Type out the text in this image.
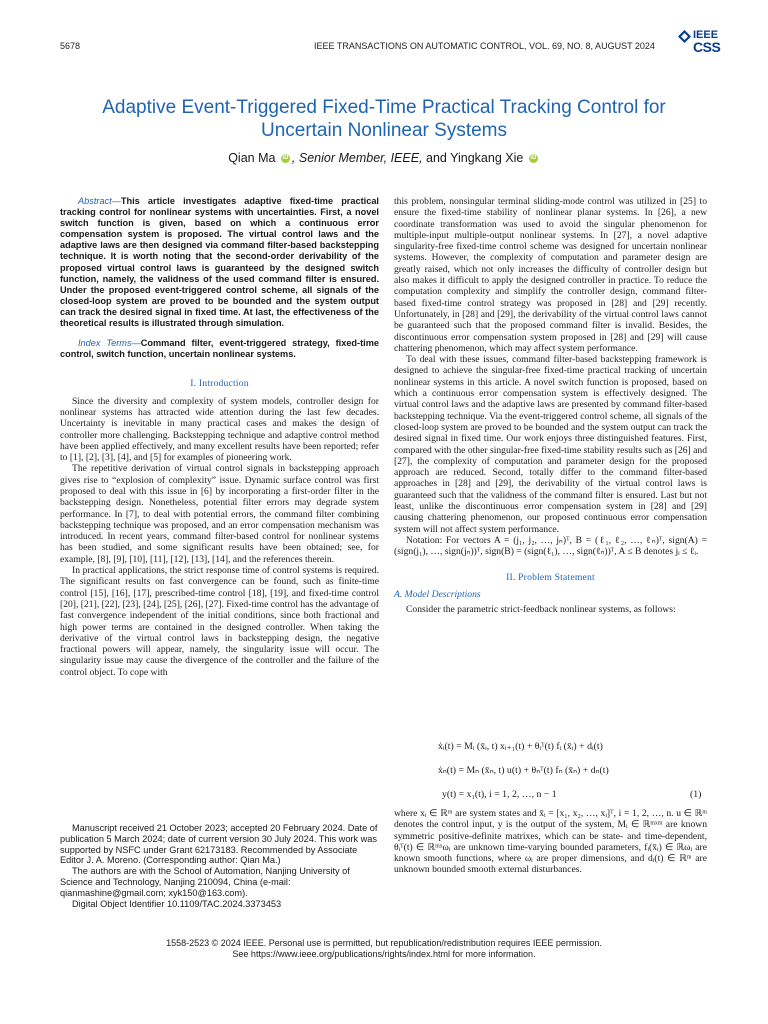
5678	IEEE TRANSACTIONS ON AUTOMATIC CONTROL, VOL. 69, NO. 8, AUGUST 2024
IEEE
CSS
Adaptive Event-Triggered Fixed-Time Practical Tracking Control for
Uncertain Nonlinear Systems
Qian Ma iD , Senior Member, IEEE, and Yingkang Xie iD

Abstract—This article investigates adaptive fixed-time practical tracking control for nonlinear systems with uncertainties. First, a novel switch function is given, based on which a continuous error compensation system is proposed. The virtual control laws and the adaptive laws are then designed via command filter-based backstepping technique. It is worth noting that the second-order derivability of the proposed virtual control laws is guaranteed by the designed switch function, namely, the validness of the used command filter is ensured. Under the proposed event-triggered control scheme, all signals of the closed-loop system are proved to be bounded and the system output can track the desired signal in fixed time. At last, the effectiveness of the theoretical results is illustrated through simulation.

Index Terms—Command filter, event-triggered strategy, fixed-time control, switch function, uncertain nonlinear systems.

I. Introduction

Since the diversity and complexity of system models, controller design for nonlinear systems has attracted wide attention during the last few decades. Uncertainty is inevitable in many practical cases and makes the design of controller more challenging. Backstepping technique and adaptive control method have been applied effectively, and many excellent results have been reported; refer to [1], [2], [3], [4], and [5] for examples of pioneering work.

The repetitive derivation of virtual control signals in backstepping approach gives rise to “explosion of complexity” issue. Dynamic surface control was first proposed to deal with this issue in [6] by incorporating a first-order filter in the backstepping design. Nonetheless, potential filter errors may degrade system performance. In [7], to deal with potential errors, the command filter combining backstepping technique was proposed, and an error compensation mechanism was introduced. In recent years, command filter-based control for nonlinear systems has been studied, and some significant results have been obtained; see, for example, [8], [9], [10], [11], [12], [13], [14], and the references therein.

In practical applications, the strict response time of control systems is required. The significant results on fast convergence can be found, such as finite-time control [15], [16], [17], prescribed-time control [18], [19], and fixed-time control [20], [21], [22], [23], [24], [25], [26], [27]. Fixed-time control has the advantage of fast convergence independent of the initial conditions, since both fractional and high power terms are contained in the designed controller. When taking the derivative of the virtual control laws in backstepping design, the negative fractional powers will appear, namely, the singularity issue will occur. The singularity issue may cause the divergence of the controller and the failure of the control object. To cope with

this problem, nonsingular terminal sliding-mode control was utilized in [25] to ensure the fixed-time stability of nonlinear planar systems. In [26], a new coordinate transformation was used to avoid the singular phenomenon for multiple-input multiple-output nonlinear systems. In [27], a novel adaptive singularity-free fixed-time control scheme was designed for uncertain nonlinear systems. However, the complexity of computation and parameter design are greatly raised, which not only increases the difficulty of controller design but also makes it difficult to apply the designed controller in practice. To reduce the computation complexity and simplify the controller design, command filter-based fixed-time control strategy was proposed in [28] and [29] recently. Unfortunately, in [28] and [29], the derivability of the virtual control laws cannot be guaranteed such that the proposed command filter is invalid. Besides, the discontinuous error compensation system proposed in [28] and [29] will cause chattering phenomenon, which may affect system performance.

To deal with these issues, command filter-based backstepping framework is designed to achieve the singular-free fixed-time practical tracking of uncertain nonlinear systems in this article. A novel switch function is proposed, based on which a continuous error compensation system is effectively designed. The virtual control laws and the adaptive laws are presented by command filter-based backstepping technique. Via the event-triggered control scheme, all signals of the closed-loop system are proved to be bounded and the system output can track the desired signal in fixed time. Our work enjoys three distinguished features. First, compared with the other singular-free fixed-time stability results such as [26] and [27], the complexity of computation and parameter design for the proposed approach are reduced. Second, totally differ to the command filter-based approaches in [28] and [29], the derivability of the virtual control laws is guaranteed such that the validness of the command filter is ensured. Last but not least, unlike the discontinuous error compensation system in [28] and [29] causing chattering phenomenon, our proposed continuous error compensation system will not affect system performance.

Notation: For vectors A = (j₁, j₂, …, jₙ)ᵀ, B = (ℓ₁, ℓ₂, …, ℓₙ)ᵀ, sign(A) = (sign(j₁), …, sign(jₙ))ᵀ, sign(B) = (sign(ℓ₁), …, sign(ℓₙ))ᵀ, A ≤ B denotes jᵢ ≤ ℓᵢ.

II. Problem Statement

A. Model Descriptions

Consider the parametric strict-feedback nonlinear systems, as follows:

ẋᵢ(t) = Mᵢ (x̄ᵢ, t) xᵢ₊₁(t) + θᵢᵀ(t) fᵢ (x̄ᵢ) + dᵢ(t)
ẋₙ(t) = Mₙ (x̄ₙ, t) u(t) + θₙᵀ(t) fₙ (x̄ₙ) + dₙ(t)
y(t) = x₁(t), i = 1, 2, …, n − 1	(1)

where xᵢ ∈ ℝᵐ are system states and x̄ᵢ = [x₁, x₂, …, xᵢ]ᵀ, i = 1, 2, …, n. u ∈ ℝᵐ denotes the control input, y is the output of the system, Mᵢ ∈ ℝᵐˣᵐ are known symmetric positive-definite matrixes, which can be state- and time-dependent, θᵢᵀ(t) ∈ ℝᵐˣωᵢ are unknown time-varying bounded parameters, fᵢ(x̄ᵢ) ∈ ℝωᵢ are known smooth functions, where ωᵢ are proper dimensions, and dᵢ(t) ∈ ℝᵐ are unknown bounded smooth external disturbances.

Manuscript received 21 October 2023; accepted 20 February 2024. Date of publication 5 March 2024; date of current version 30 July 2024. This work was supported by NSFC under Grant 62173183. Recommended by Associate Editor J. A. Moreno. (Corresponding author: Qian Ma.)

The authors are with the School of Automation, Nanjing University of Science and Technology, Nanjing 210094, China (e-mail: qianmashine@gmail.com; xyk150@163.com).

Digital Object Identifier 10.1109/TAC.2024.3373453

1558-2523 © 2024 IEEE. Personal use is permitted, but republication/redistribution requires IEEE permission.
See https://www.ieee.org/publications/rights/index.html for more information.
